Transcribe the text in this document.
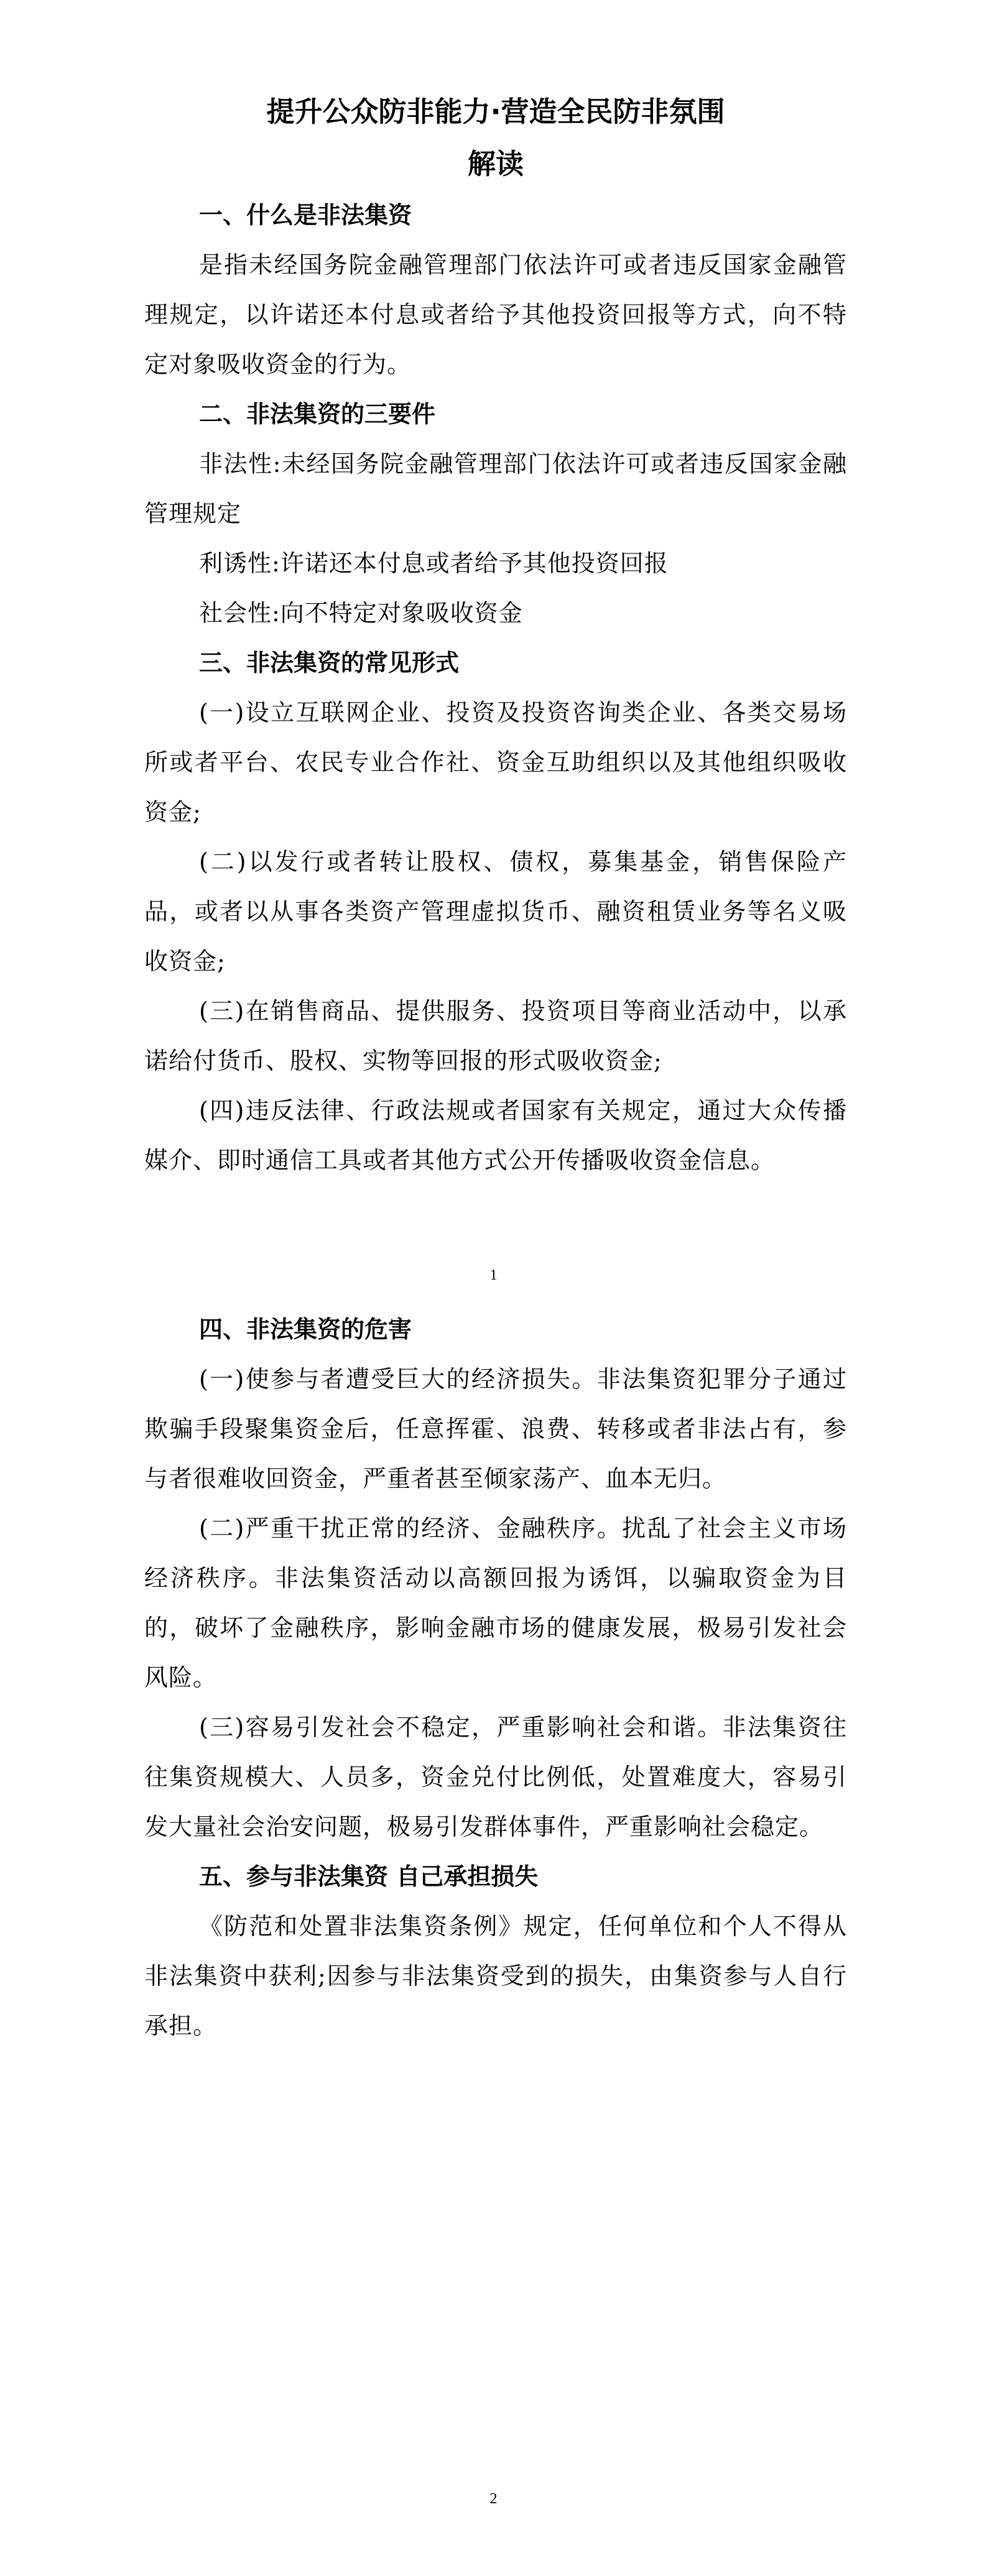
提升公众防非能力·营造全民防非氛围
解读
一、什么是非法集资

是指未经国务院金融管理部门依法许可或者违反国家金融管理规定，以许诺还本付息或者给予其他投资回报等方式，向不特定对象吸收资金的行为。

二、非法集资的三要件

非法性:未经国务院金融管理部门依法许可或者违反国家金融管理规定

利诱性:许诺还本付息或者给予其他投资回报

社会性:向不特定对象吸收资金

三、非法集资的常见形式

(一)设立互联网企业、投资及投资咨询类企业、各类交易场所或者平台、农民专业合作社、资金互助组织以及其他组织吸收资金;

(二)以发行或者转让股权、债权，募集基金，销售保险产品，或者以从事各类资产管理虚拟货币、融资租赁业务等名义吸收资金;

(三)在销售商品、提供服务、投资项目等商业活动中，以承诺给付货币、股权、实物等回报的形式吸收资金;

(四)违反法律、行政法规或者国家有关规定，通过大众传播媒介、即时通信工具或者其他方式公开传播吸收资金信息。

1
四、非法集资的危害

(一)使参与者遭受巨大的经济损失。非法集资犯罪分子通过欺骗手段聚集资金后，任意挥霍、浪费、转移或者非法占有，参与者很难收回资金，严重者甚至倾家荡产、血本无归。

(二)严重干扰正常的经济、金融秩序。扰乱了社会主义市场经济秩序。非法集资活动以高额回报为诱饵，以骗取资金为目的，破坏了金融秩序，影响金融市场的健康发展，极易引发社会风险。

(三)容易引发社会不稳定，严重影响社会和谐。非法集资往往集资规模大、人员多，资金兑付比例低，处置难度大，容易引发大量社会治安问题，极易引发群体事件，严重影响社会稳定。

五、参与非法集资 自己承担损失

《防范和处置非法集资条例》规定，任何单位和个人不得从非法集资中获利;因参与非法集资受到的损失，由集资参与人自行承担。

2
